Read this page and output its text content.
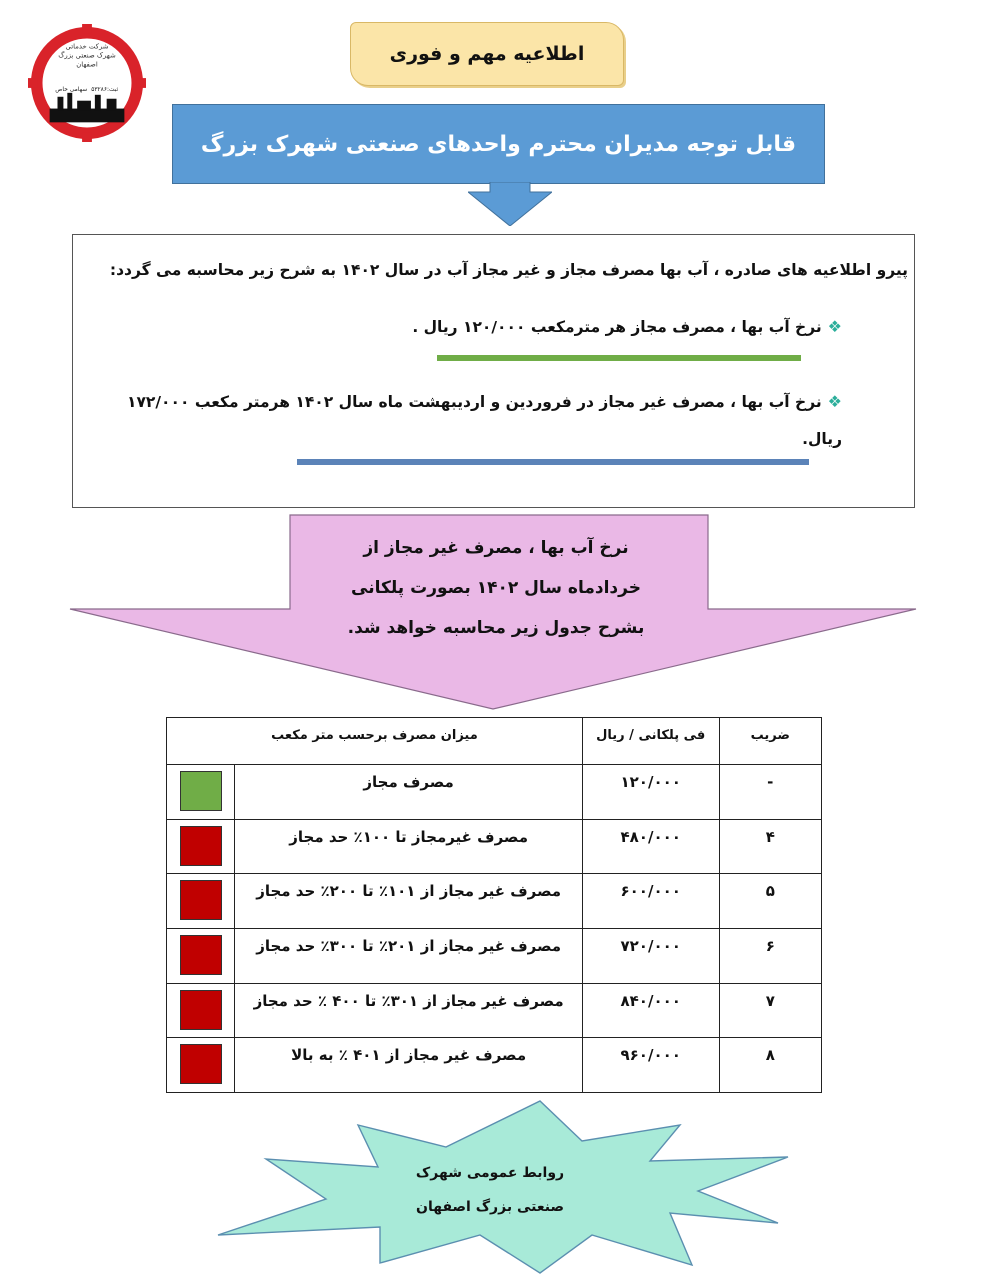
شرکت خدماتی
شهرک صنعتی بزرگ
اصفهان
سهامی خاص ثبت:۵۳۲۸۶
اطلاعیه مهم و فوری
قابل توجه مدیران محترم واحدهای صنعتی شهرک بزرگ
پیرو اطلاعیه های صادره ، آب بها مصرف مجاز و غیر مجاز آب در سال ۱۴۰۲ به شرح زیر محاسبه می گردد:
❖نرخ آب بها ، مصرف مجاز هر مترمکعب ۱۲۰/۰۰۰ ریال .
❖نرخ آب بها ، مصرف غیر مجاز در فروردین و اردیبهشت ماه سال ۱۴۰۲ هرمتر مکعب ۱۷۲/۰۰۰ ریال.
نرخ آب بها ، مصرف غیر مجاز از
خردادماه سال ۱۴۰۲ بصورت پلکانی
بشرح جدول زیر محاسبه خواهد شد.
ضریب	فی پلکانی / ریال	میزان مصرف برحسب متر مکعب	
-	۱۲۰/۰۰۰	مصرف مجاز	

۴	۴۸۰/۰۰۰	مصرف غیرمجاز تا ۱۰۰٪ حد مجاز	

۵	۶۰۰/۰۰۰	مصرف غیر مجاز از ۱۰۱٪ تا ۲۰۰٪ حد مجاز	

۶	۷۲۰/۰۰۰	مصرف غیر مجاز از ۲۰۱٪ تا ۳۰۰٪ حد مجاز	

۷	۸۴۰/۰۰۰	مصرف غیر مجاز از ۳۰۱٪ تا ۴۰۰ ٪ حد مجاز	

۸	۹۶۰/۰۰۰	مصرف غیر مجاز از ۴۰۱ ٪ به بالا	
روابط عمومی شهرک
صنعتی بزرگ اصفهان
